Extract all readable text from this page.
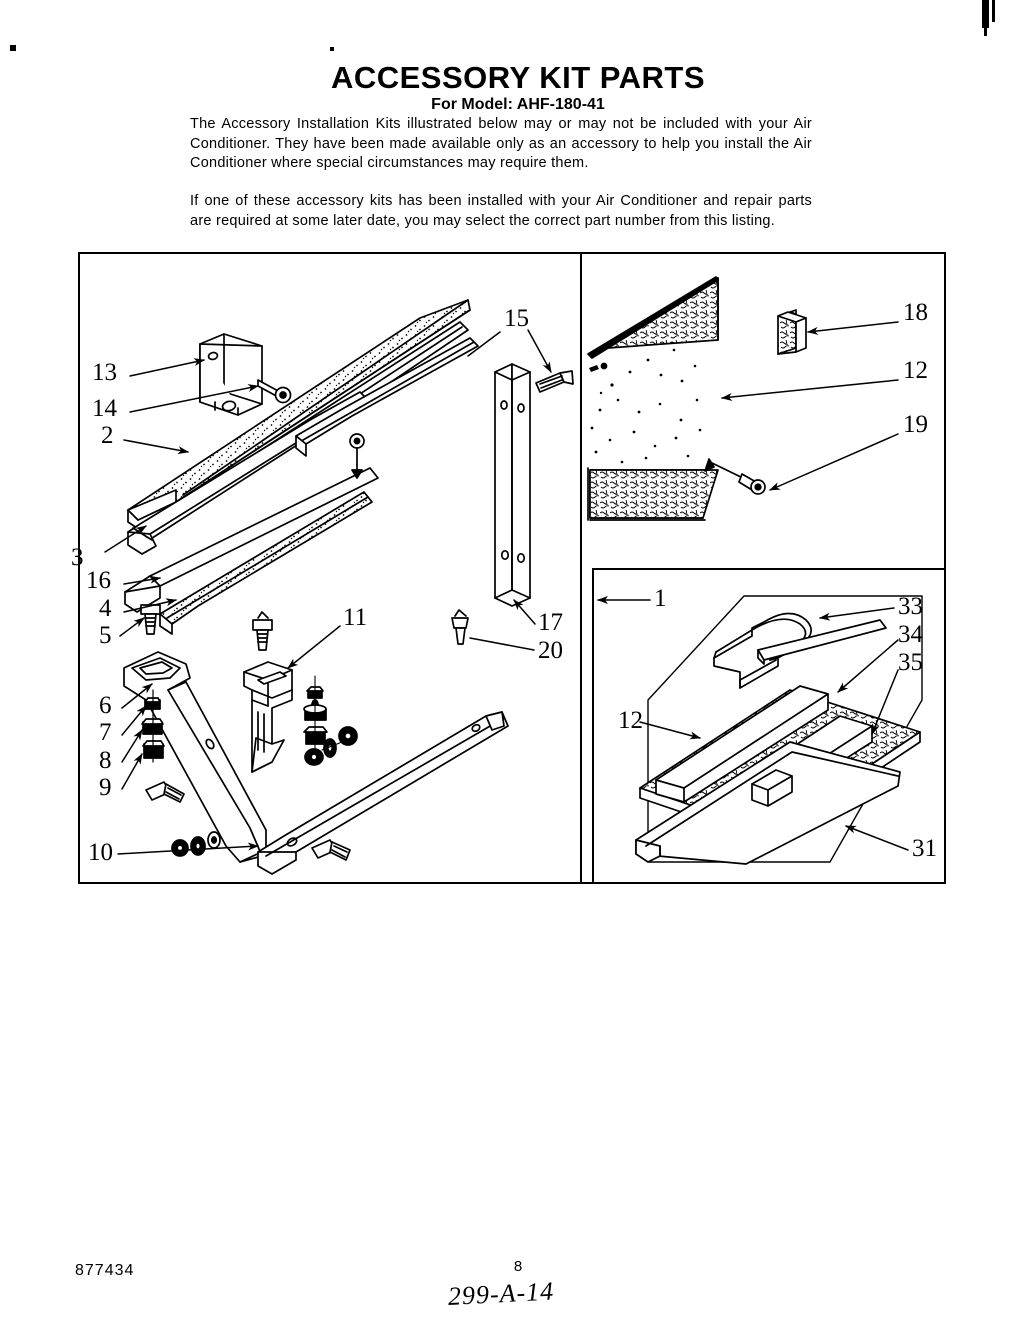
ACCESSORY KIT PARTS
For Model: AHF-180-41
The Accessory Installation Kits illustrated below may or may not be included with your Air Conditioner. They have been made available only as an accessory to help you install the Air Conditioner where special circumstances may require them.
If one of these accessory kits has been installed with your Air Conditioner and repair parts are required at some later date, you may select the correct part number from this listing.
13
14
2
3
16
4
5
6
7
8
9
10
15
11	17
20
18
12
19
1	33
34
35
12
31
877434	8
299-A-14
